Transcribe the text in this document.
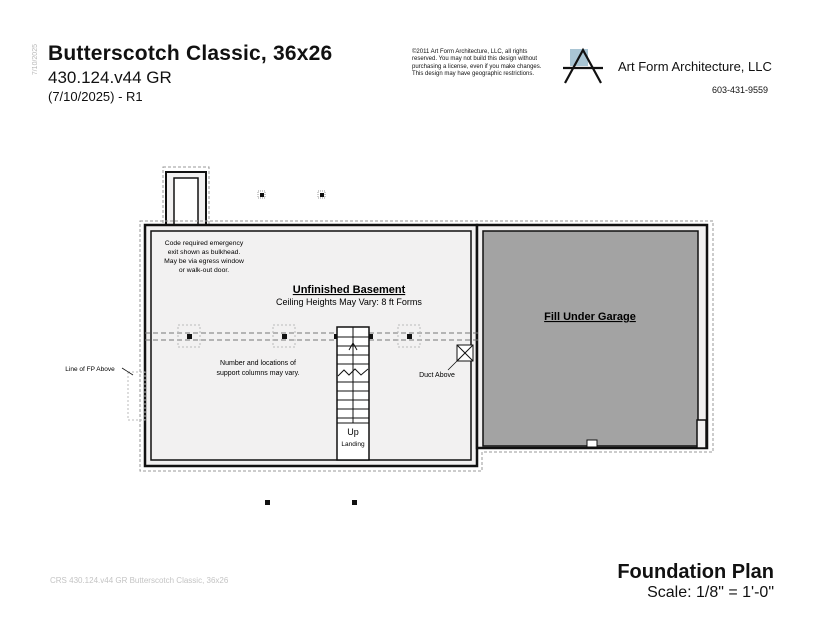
7/10/2025 Butterscotch Classic, 36x26
430.124.v44 GR
(7/10/2025) - R1
©2011 Art Form Architecture, LLC, all rights
reserved. You may not build this design without
purchasing a license, even if you make changes.
This design may have geographic restrictions.	Art Form Architecture, LLC
603-431-9559
Up
Landing
Duct Above
Line of FP Above
Unfinished Basement
Ceiling Heights May Vary: 8 ft Forms
Fill Under Garage
Code required emergency
exit shown as bulkhead.
May be via egress window
or walk-out door.
Number and locations of
support columns may vary.
CRS 430.124.v44 GR Butterscotch Classic, 36x26	Foundation Plan
Scale: 1/8" = 1'-0"
